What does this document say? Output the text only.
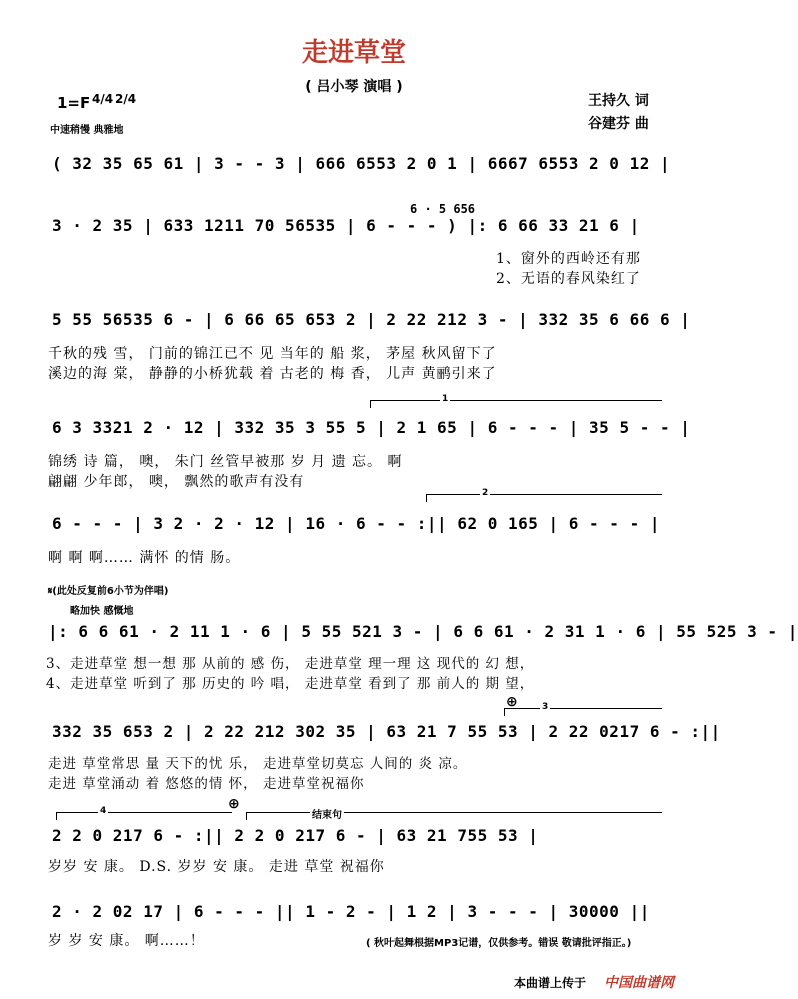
走进草堂
( 吕小琴 演唱 )
1=F 4/4 2/4
中速稍慢 典雅地
王持久 词
谷建芬 曲
( 32 35 65 61 | 3 - - 3 | 666 6553 2 0 1 | 6667 6553 2 0 12 |
6 · 5 656
3 · 2 35 | 633 1211 70 56535 | 6 - - - ) |: 6 66 33 21 6 |
1、窗外的西岭还有那
2、无语的春风染红了
5 55 56535 6 - | 6 66 65 653 2 | 2 22 212 3 - | 332 35 6 66 6 |
千秋的残 雪， 门前的锦江已不 见 当年的 船 浆， 茅屋 秋风留下了
溪边的海 棠， 静静的小桥犹载 着 古老的 梅 香， 儿声 黄鹂引来了
1
6 3 3321 2 · 12 | 332 35 3 55 5 | 2 1 65 | 6 - - - | 35 5 - - |
锦绣 诗 篇， 噢， 朱门 丝管早被那 岁 月 遗 忘。 啊
翩翩 少年郎， 噢， 飘然的歌声有没有
2
6 - - - | 3 2 · 2 · 12 | 16 · 6 - - :|| 62 0 165 | 6 - - - |
啊 啊 啊…… 满怀 的情 肠。
𝄋(此处反复前6小节为伴唱)
略加快 感慨地
|: 6 6 61 · 2 11 1 · 6 | 5 55 521 3 - | 6 6 61 · 2 31 1 · 6 | 55 525 3 - |
3、走进草堂 想一想 那 从前的 感 伤， 走进草堂 理一理 这 现代的 幻 想，
4、走进草堂 听到了 那 历史的 吟 唱， 走进草堂 看到了 那 前人的 期 望，
⊕	3
332 35 653 2 | 2 22 212 302 35 | 63 21 7 55 53 | 2 22 0217 6 - :||
走进 草堂常思 量 天下的忧 乐， 走进草堂切莫忘 人间的 炎 凉。
走进 草堂涌动 着 悠悠的情 怀， 走进草堂祝福你
⊕
4	结束句
2 2 0 217 6 - :|| 2 2 0 217 6 - | 63 21 755 53 |
岁岁 安 康。 D.S. 岁岁 安 康。 走进 草堂 祝福你
2 · 2 02 17 | 6 - - - || 1 - 2 - | 1 2 | 3 - - - | 30000 ||
岁 岁 安 康。 啊……！	( 秋叶起舞根据MP3记谱，仅供参考。错误 敬请批评指正。)
本曲谱上传于 中国曲谱网
